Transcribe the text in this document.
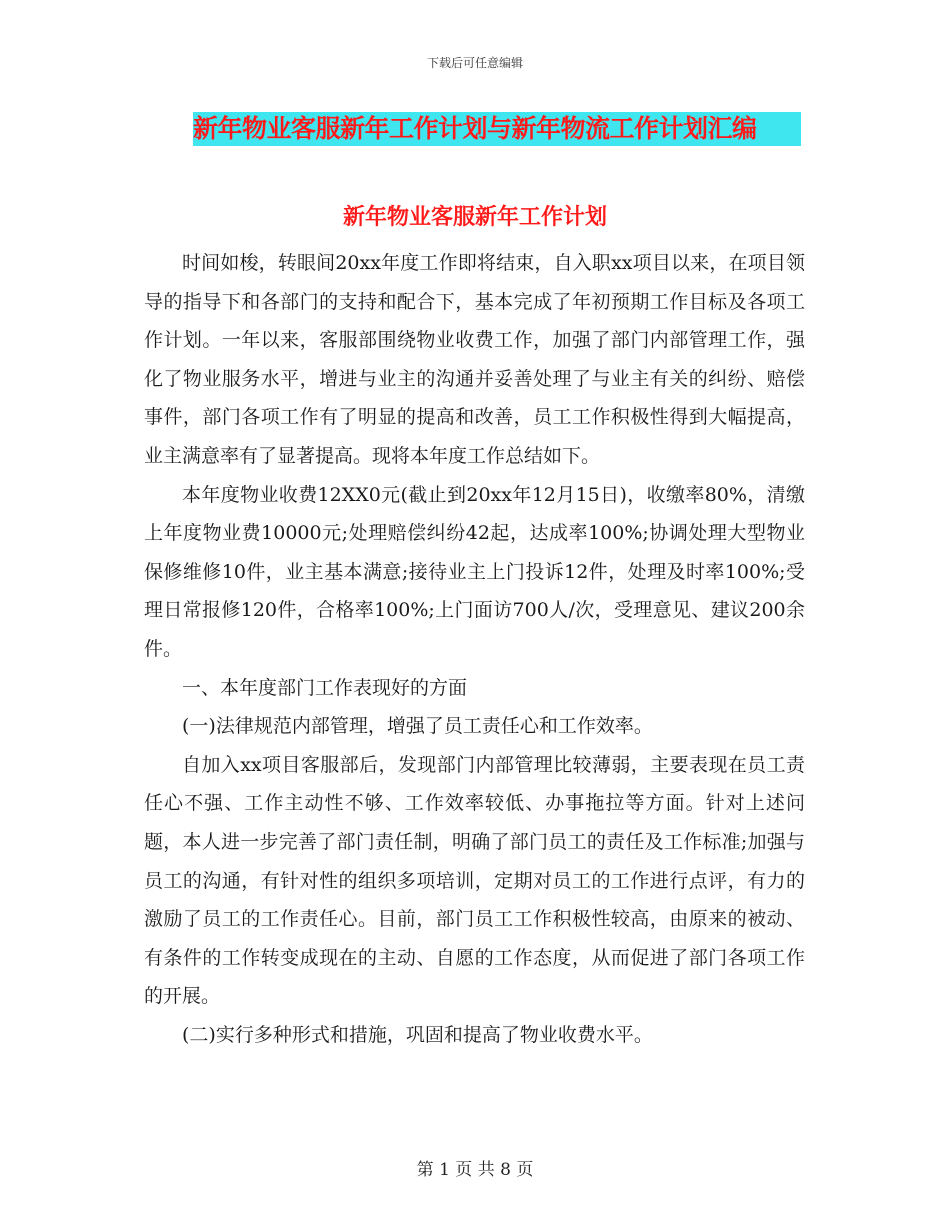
下载后可任意编辑
新年物业客服新年工作计划与新年物流工作计划汇编
新年物业客服新年工作计划

时间如梭，转眼间20xx年度工作即将结束，自入职xx项目以来，在项目领导的指导下和各部门的支持和配合下，基本完成了年初预期工作目标及各项工作计划。一年以来，客服部围绕物业收费工作，加强了部门内部管理工作，强化了物业服务水平，增进与业主的沟通并妥善处理了与业主有关的纠纷、赔偿事件，部门各项工作有了明显的提高和改善，员工工作积极性得到大幅提高，业主满意率有了显著提高。现将本年度工作总结如下。

本年度物业收费12XX0元(截止到20xx年12月15日)，收缴率80%，清缴上年度物业费10000元;处理赔偿纠纷42起，达成率100%;协调处理大型物业保修维修10件，业主基本满意;接待业主上门投诉12件，处理及时率100%;受理日常报修120件，合格率100%;上门面访700人/次，受理意见、建议200余件。

一、本年度部门工作表现好的方面

(一)法律规范内部管理，增强了员工责任心和工作效率。

自加入xx项目客服部后，发现部门内部管理比较薄弱，主要表现在员工责任心不强、工作主动性不够、工作效率较低、办事拖拉等方面。针对上述问题，本人进一步完善了部门责任制，明确了部门员工的责任及工作标准;加强与员工的沟通，有针对性的组织多项培训，定期对员工的工作进行点评，有力的激励了员工的工作责任心。目前，部门员工工作积极性较高，由原来的被动、有条件的工作转变成现在的主动、自愿的工作态度，从而促进了部门各项工作的开展。

(二)实行多种形式和措施，巩固和提高了物业收费水平。

第 1 页 共 8 页
